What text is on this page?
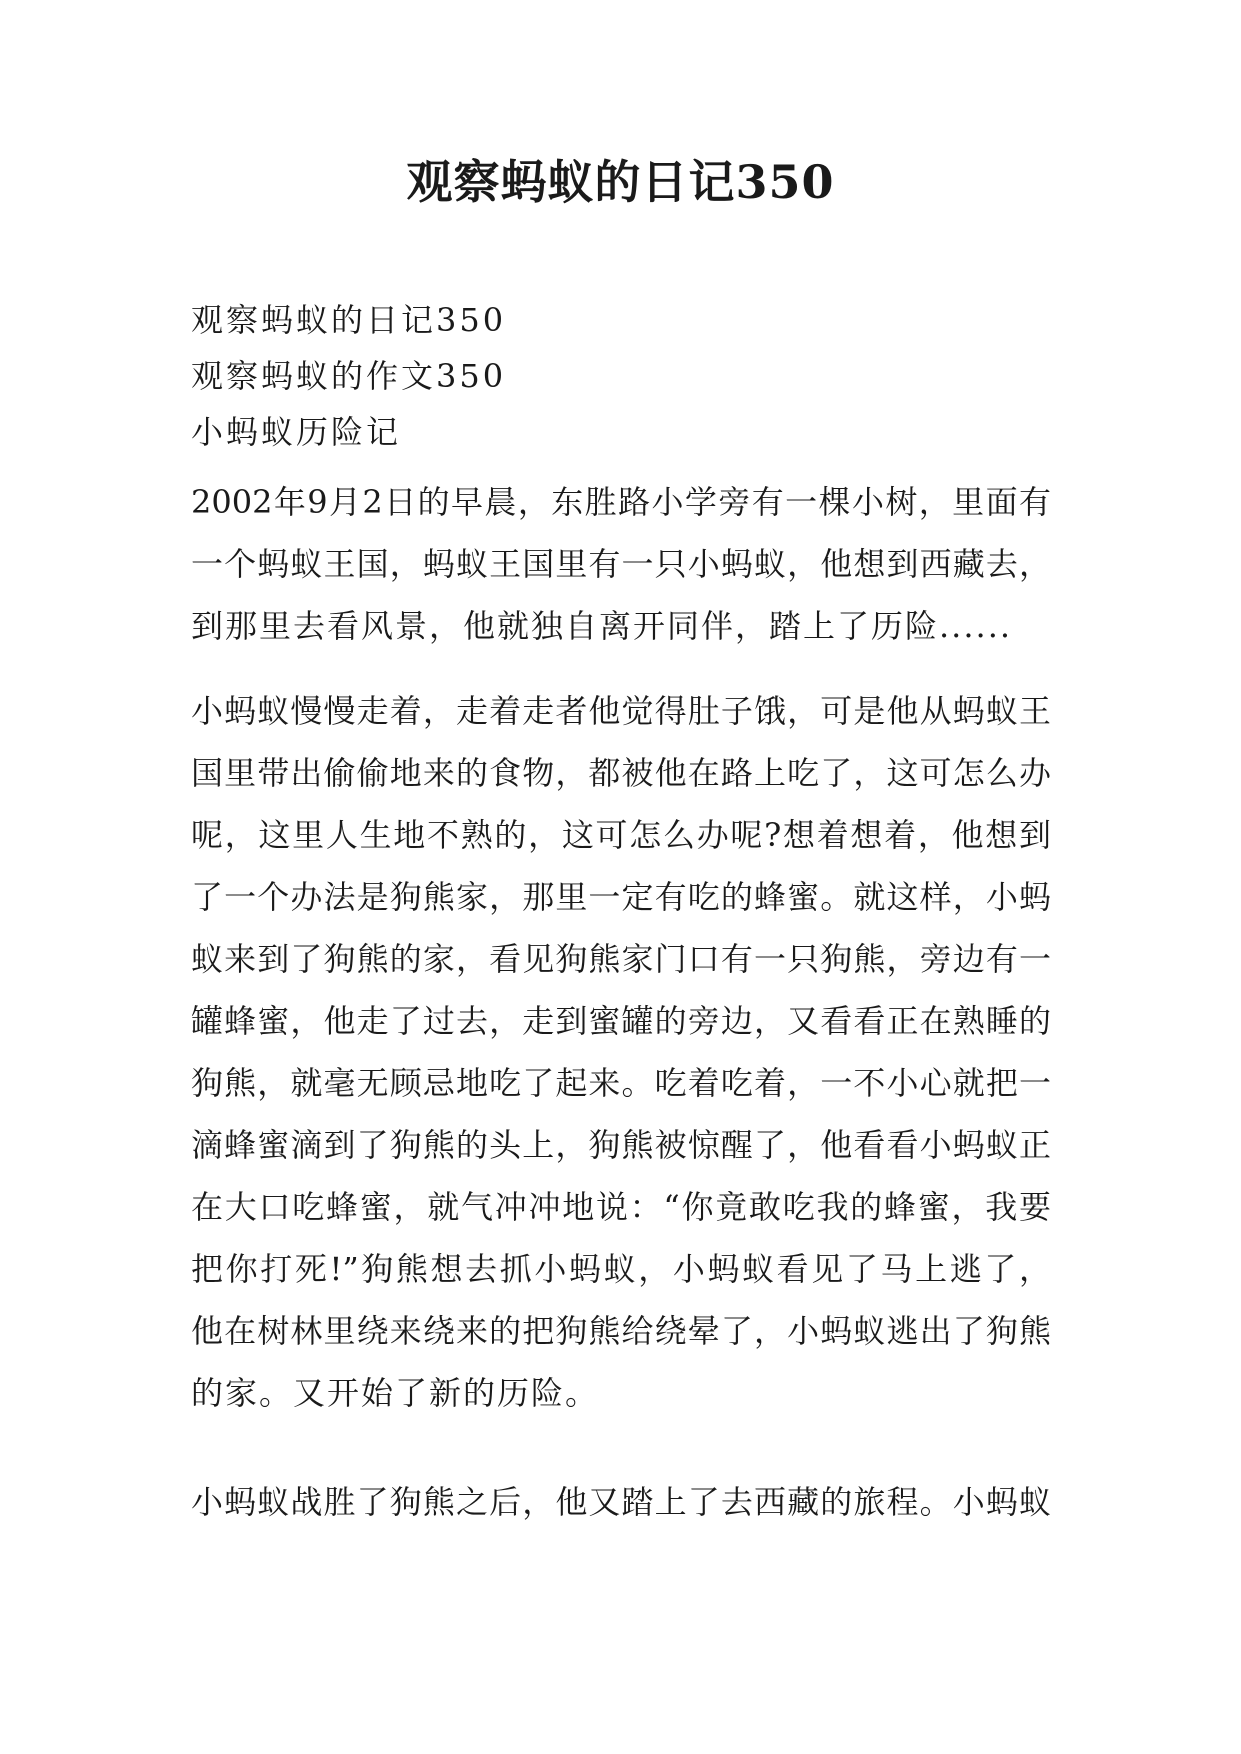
观察蚂蚁的日记350
观察蚂蚁的日记350
观察蚂蚁的作文350
小蚂蚁历险记
2002年9月2日的早晨，东胜路小学旁有一棵小树，里面有
一个蚂蚁王国，蚂蚁王国里有一只小蚂蚁，他想到西藏去，
到那里去看风景，他就独自离开同伴，踏上了历险......
小蚂蚁慢慢走着，走着走者他觉得肚子饿，可是他从蚂蚁王
国里带出偷偷地来的食物，都被他在路上吃了，这可怎么办
呢，这里人生地不熟的，这可怎么办呢?想着想着，他想到
了一个办法是狗熊家，那里一定有吃的蜂蜜。就这样，小蚂
蚁来到了狗熊的家，看见狗熊家门口有一只狗熊，旁边有一
罐蜂蜜，他走了过去，走到蜜罐的旁边，又看看正在熟睡的
狗熊，就毫无顾忌地吃了起来。吃着吃着，一不小心就把一
滴蜂蜜滴到了狗熊的头上，狗熊被惊醒了，他看看小蚂蚁正
在大口吃蜂蜜，就气冲冲地说：“你竟敢吃我的蜂蜜，我要
把你打死!”狗熊想去抓小蚂蚁，小蚂蚁看见了马上逃了，
他在树林里绕来绕来的把狗熊给绕晕了，小蚂蚁逃出了狗熊
的家。又开始了新的历险。
小蚂蚁战胜了狗熊之后，他又踏上了去西藏的旅程。小蚂蚁
